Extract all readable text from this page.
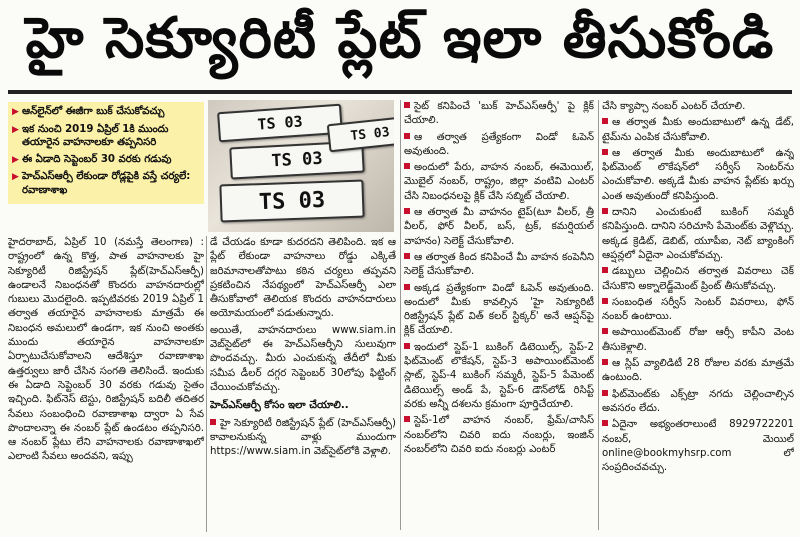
హై సెక్యూరిటీ ప్లేట్ ఇలా తీసుకోండి
▶ ఆన్‌లైన్‌లో ఈజీగా బుక్ చేసుకోవచ్చు
▶ ఇక నుంచి 2019 ఏప్రిల్ 1కి ముందు తయారైన వాహనాలకూ తప్పనిసరి
▶ ఈ ఏడాది సెప్టెంబర్ 30 వరకు గడువు
▶ హెచ్ఎస్ఆర్పీ లేకుండా రోడ్లపైకి వస్తే చర్యలే: రవాణాశాఖ
TS 03
TS 03
TS 03
TS 03

హైదరాబాద్, ఏప్రిల్ 10 (నమస్తే తెలంగాణ) : రాష్ట్రంలో ఉన్న కొత్త, పాత వాహనాలకు హై సెక్యూరిటీ రిజిస్ట్రేషన్ ప్లేట్(హెచ్ఎస్ఆర్పీ) ఉండాలనే నిబంధనతో కొందరు వాహనదారుల్లో గుబులు మొదలైంది. ఇప్పటివరకు 2019 ఏప్రిల్ 1 తర్వాత తయారైన వాహనాలకు మాత్రమే ఈ నిబంధన అమలులో ఉండగా, ఇక నుంచి అంతకు ముందు తయారైన వాహనాలకూ ఏర్పాటుచేసుకోవాలని ఆదేశిస్తూ రవాణాశాఖ ఉత్తర్వులు జారీ చేసిన సంగతి తెలిసిందే. ఇందుకు ఈ ఏడాది సెప్టెంబర్ 30 వరకు గడువు సైతం ఇచ్చింది. ఫిట్‌నెస్ టెస్టు, రిజిస్ట్రేషన్ బదిలీ తదితర సేవలు సంబంధించి రవాణాశాఖ ద్వారా ఏ సేవ పొందాలన్నా ఈ నంబర్ ప్లేట్ ఉండటం తప్పనిసరి. ఆ నంబర్ ప్లేటు లేని వాహనాలకు రవాణాశాఖలో ఎలాంటి సేవలు అందవని, ఇప్పు

డే చేయడం కూడా కుదరదని తెలిపింది. ఇక ఆ ప్లేట్ లేకుండా వాహనాలు రోడ్డు ఎక్కితే జరిమానాలతోపాటు కఠిన చర్యలు తప్పవని ప్రకటించిన నేపథ్యంలో హెచ్ఎస్ఆర్పీ ఎలా తీసుకోవాలో తెలియక కొందరు వాహనదారులు అయోమయంలో పడుతున్నారు.

అయితే, వాహనదారులు www.siam.in వెబ్‌సైట్‌లో ఈ హెచ్ఎస్ఆర్పీని సులువుగా పొందవచ్చు. మీరు ఎంచుకున్న తేదీలో మీకు సమీప డీలర్ దగ్గర సెప్టెంబర్ 30లోపు ఫిట్టింగ్ చేయించుకోవచ్చు.

హెచ్ఎస్ఆర్పీ కోసం ఇలా చేయాలి..

హై సెక్యూరిటీ రిజిస్ట్రేషన్ ప్లేట్ (హెచ్ఎస్ఆర్పీ) కావాలనుకున్న వాళ్లు ముందుగా https://www.siam.in వెబ్‌సైట్‌లోకి వెళ్లాలి.

సైట్ కనిపించే 'బుక్ హెచ్ఎస్ఆర్పీ' పై క్లిక్ చేయాలి.

ఆ తర్వాత ప్రత్యేకంగా విండో ఓపెన్ అవుతుంది.

అందులో పేరు, వాహన నంబర్, ఈమెయిల్, మొబైల్ నంబర్, రాష్ట్రం, జిల్లా వంటివి ఎంటర్ చేసి నిబంధనలపై క్లిక్ చేసి సబ్మిట్ చేయాలి.

ఆ తర్వాత మీ వాహనం టైప్(టూ వీలర్, త్రీ వీలర్, ఫోర్ వీలర్, బస్, ట్రక్, కమర్షియల్ వాహనం) సెలెక్ట్ చేసుకోవాలి.

ఆ తర్వాత కింద కనిపించే మీ వాహన కంపెనీని సెలెక్ట్ చేసుకోవాలి.

అక్కడ ప్రత్యేకంగా విండో ఓపెన్ అవుతుంది. అందులో మీకు కావల్సిన 'హై సెక్యూరిటీ రిజిస్ట్రేషన్ ప్లేట్ విత్ కలర్ స్టిక్కర్' అనే ఆప్షన్‌పై క్లిక్ చేయాలి.

ఇందులో స్టెప్-1 బుకింగ్ డిటెయిల్స్, స్టెప్-2 ఫిట్‌మెంట్ లొకేషన్, స్టెప్-3 అపాయింట్‌మెంట్ స్లాట్, స్టెప్-4 బుకింగ్ సమ్మరీ, స్టెప్-5 పేమెంట్ డిటెయిల్స్ అండ్ పే, స్టెప్-6 డౌన్‌లోడ్ రిసిప్ట్ వరకు అన్నీ దశలను క్రమంగా పూర్తిచేయాలి.

స్టెప్-1లో వాహన నంబర్, ఫ్రేమ్/చాసిస్ నంబర్‌లోని చివరి ఐదు నంబర్లు, ఇంజిన్ నంబర్‌లోని చివరి ఐదు నంబర్లు ఎంటర్

చేసి క్యాప్చా నంబర్ ఎంటర్ చేయాలి.

ఆ తర్వాత మీకు అందుబాటులో ఉన్న డేట్, టైమ్‌ను ఎంపిక చేసుకోవాలి.

ఆ తర్వాత మీకు అందుబాటులో ఉన్న ఫిట్‌మెంట్ లొకేషన్‌లో సర్వీస్ సెంటర్‌ను ఎంచుకోవాలి. అక్కడే మీకు వాహన ప్లేట్‌కు ఖర్చు ఎంత అవుతుందో కనిపిస్తుంది.

దానిని ఎంచుకుంటే బుకింగ్ సమ్మరీ కనిపిస్తుంది. దానిని సరిచూసి పేమెంట్‌కు వెళ్లొచ్చు. అక్కడ క్రెడిట్, డెబిట్, యూపీఐ, నెట్ బ్యాంకింగ్ ఆప్షన్లలో ఏదైనా ఎంచుకోవచ్చు.

డబ్బులు చెల్లించిన తర్వాత వివరాలు చెక్ చేసుకొని అక్నాలెడ్జ్‌మెంట్ ప్రింట్ తీసుకోవచ్చు.

సంబంధిత సర్వీస్ సెంటర్ వివరాలు, ఫోన్ నంబర్ ఉంటాయి.

అపాయింట్‌మెంట్ రోజు ఆర్సీ కాపీని వెంట తీసుకెళ్లాలి.

ఆ స్లిప్ వ్యాలిడిటీ 28 రోజుల వరకు మాత్రమే ఉంటుంది.

ఫిట్‌మెంట్‌కు ఎక్స్‌ట్రా నగదు చెల్లించాల్సిన అవసరం లేదు.

ఏదైనా అభ్యంతరాలుంటే 8929722201 నంబర్, మెయిల్ online@bookmyhsrp.com లో సంప్రదించవచ్చు.
